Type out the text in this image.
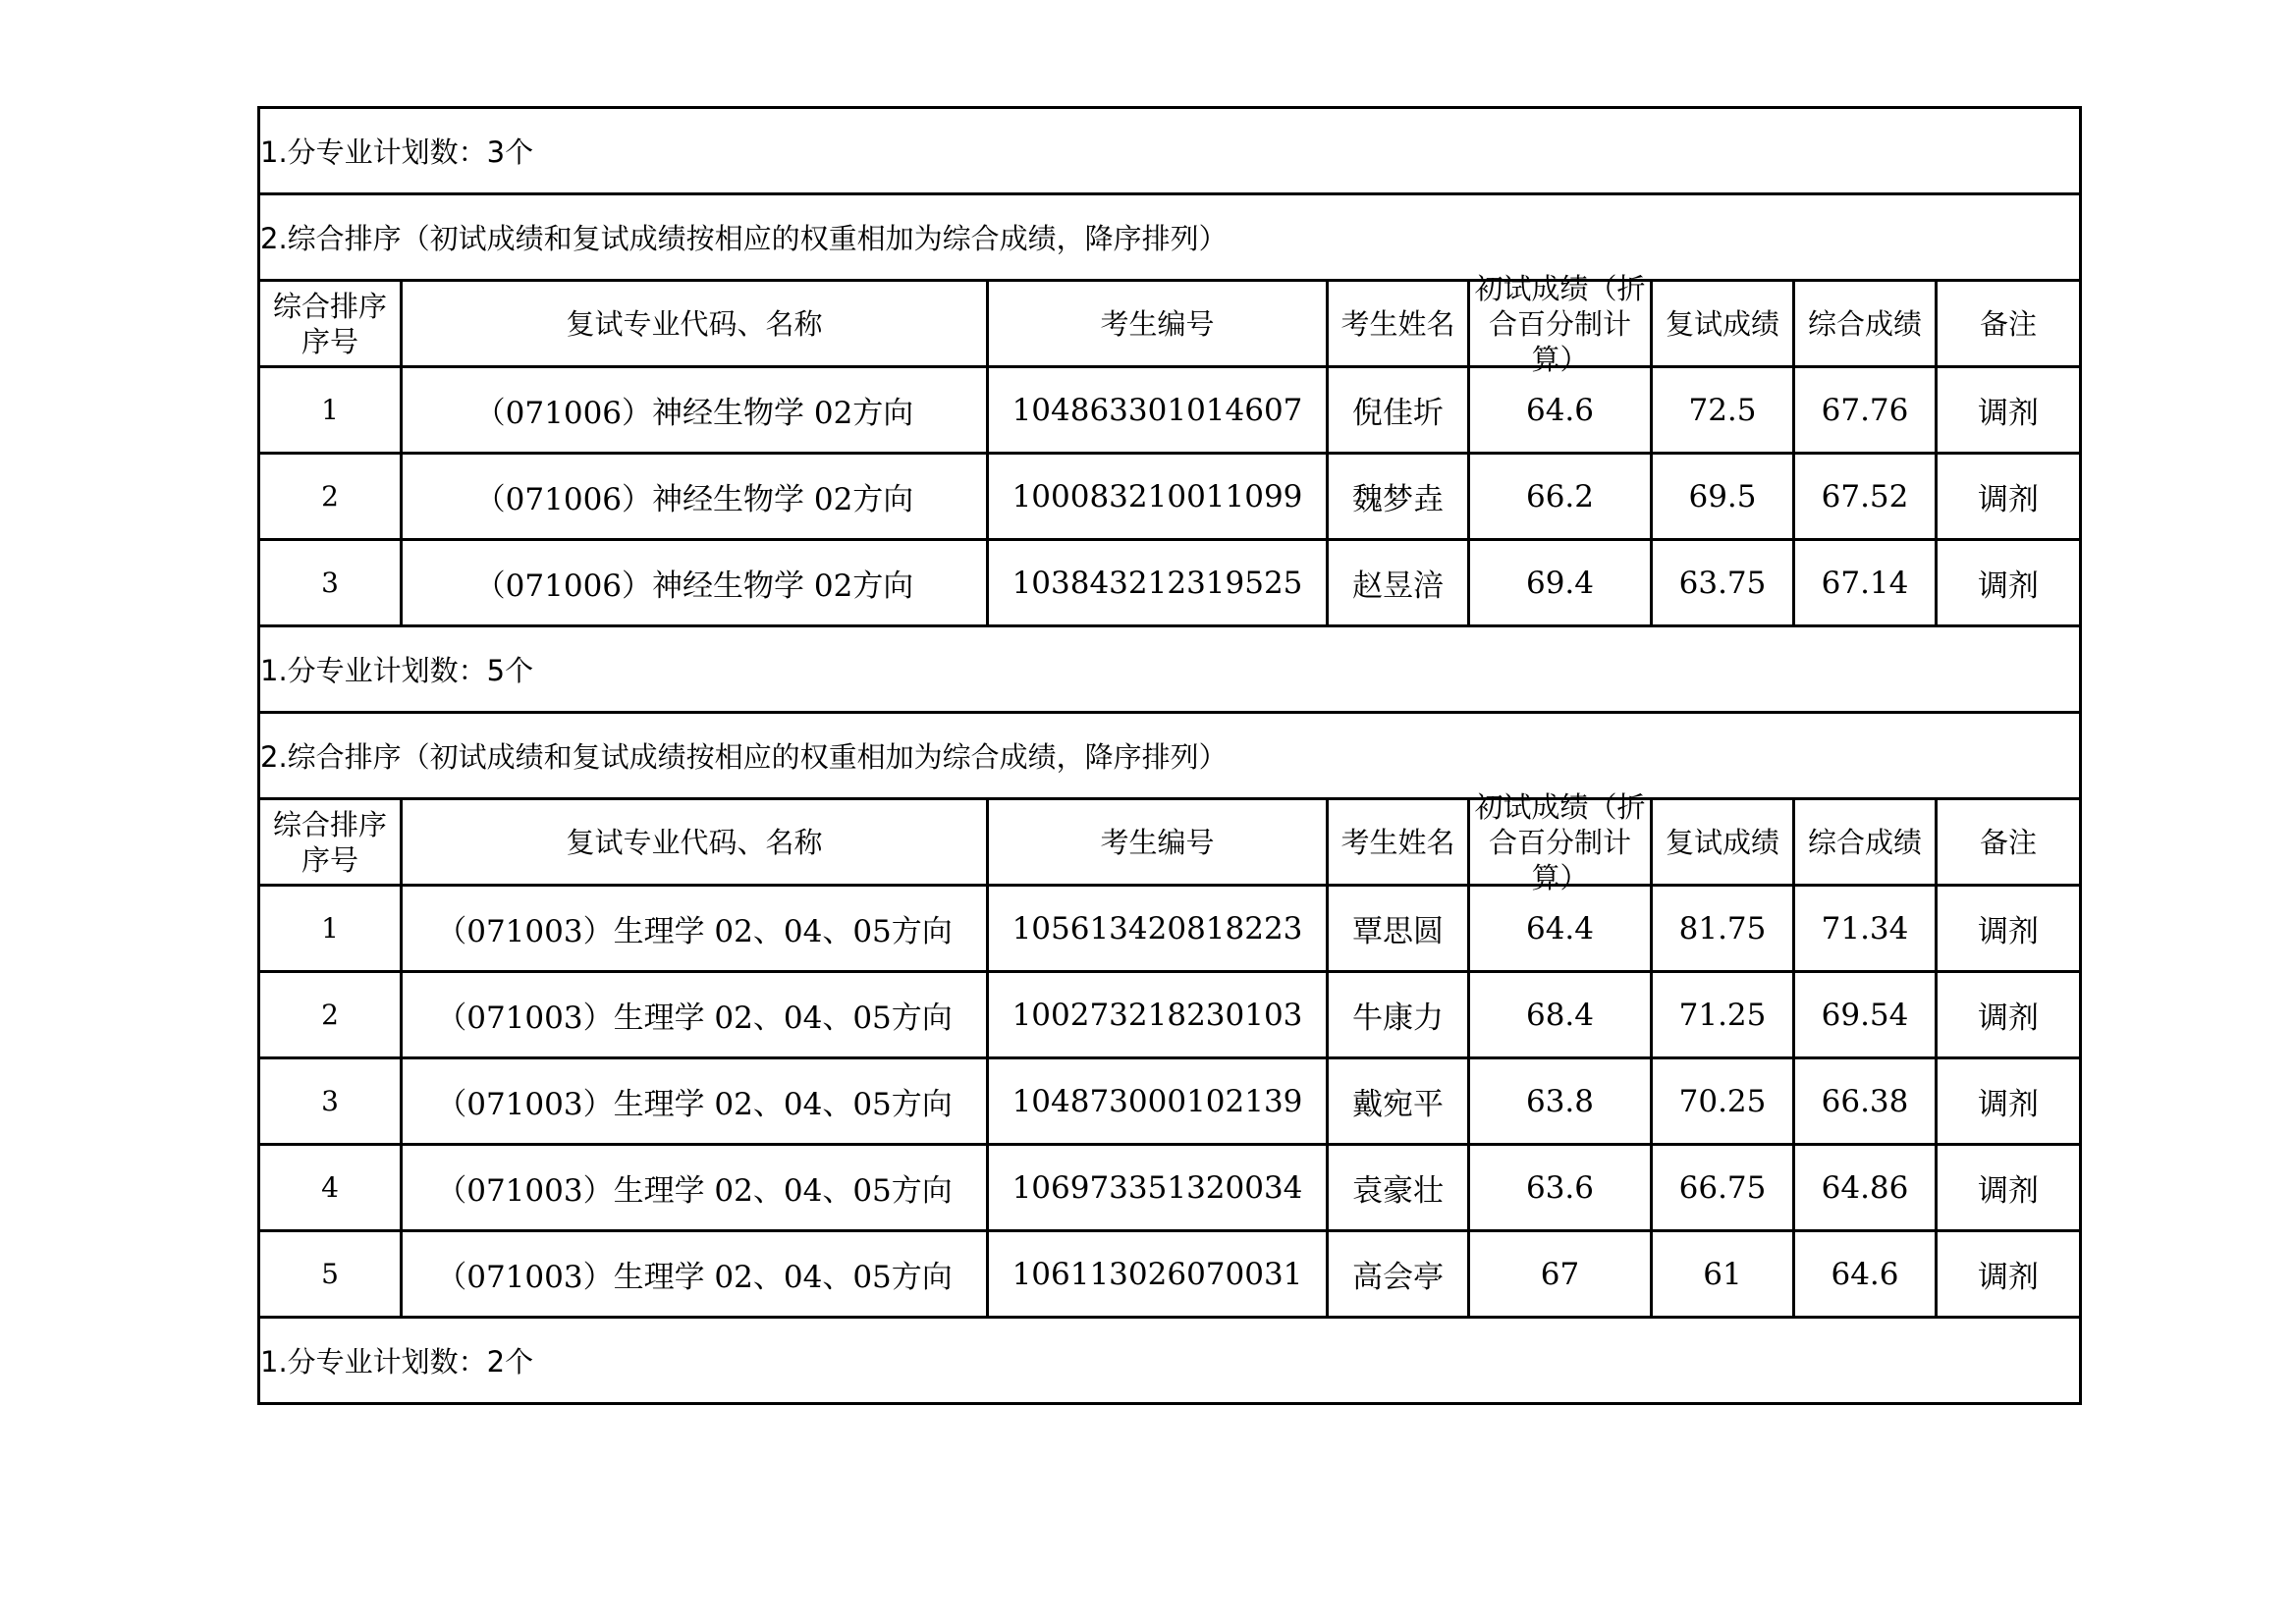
1.分专业计划数：3个							
2.综合排序（初试成绩和复试成绩按相应的权重相加为综合成绩，降序排列）							

综合排序序号	复试专业代码、名称	考生编号	考生姓名	初试成绩（折合百分制计算）	复试成绩	综合成绩	备注

1	（071006）神经生物学 02方向	104863301014607	倪佳圻	64.6	72.5	67.76	调剂
2	（071006）神经生物学 02方向	100083210011099	魏梦垚	66.2	69.5	67.52	调剂
3	（071006）神经生物学 02方向	103843212319525	赵昱涪	69.4	63.75	67.14	调剂
1.分专业计划数：5个							
2.综合排序（初试成绩和复试成绩按相应的权重相加为综合成绩，降序排列）							

综合排序序号	复试专业代码、名称	考生编号	考生姓名	初试成绩（折合百分制计算）	复试成绩	综合成绩	备注

1	（071003）生理学 02、04、05方向	105613420818223	覃思圆	64.4	81.75	71.34	调剂
2	（071003）生理学 02、04、05方向	100273218230103	牛康力	68.4	71.25	69.54	调剂
3	（071003）生理学 02、04、05方向	104873000102139	戴宛平	63.8	70.25	66.38	调剂
4	（071003）生理学 02、04、05方向	106973351320034	袁豪壮	63.6	66.75	64.86	调剂
5	（071003）生理学 02、04、05方向	106113026070031	高会亭	67	61	64.6	调剂
1.分专业计划数：2个							
